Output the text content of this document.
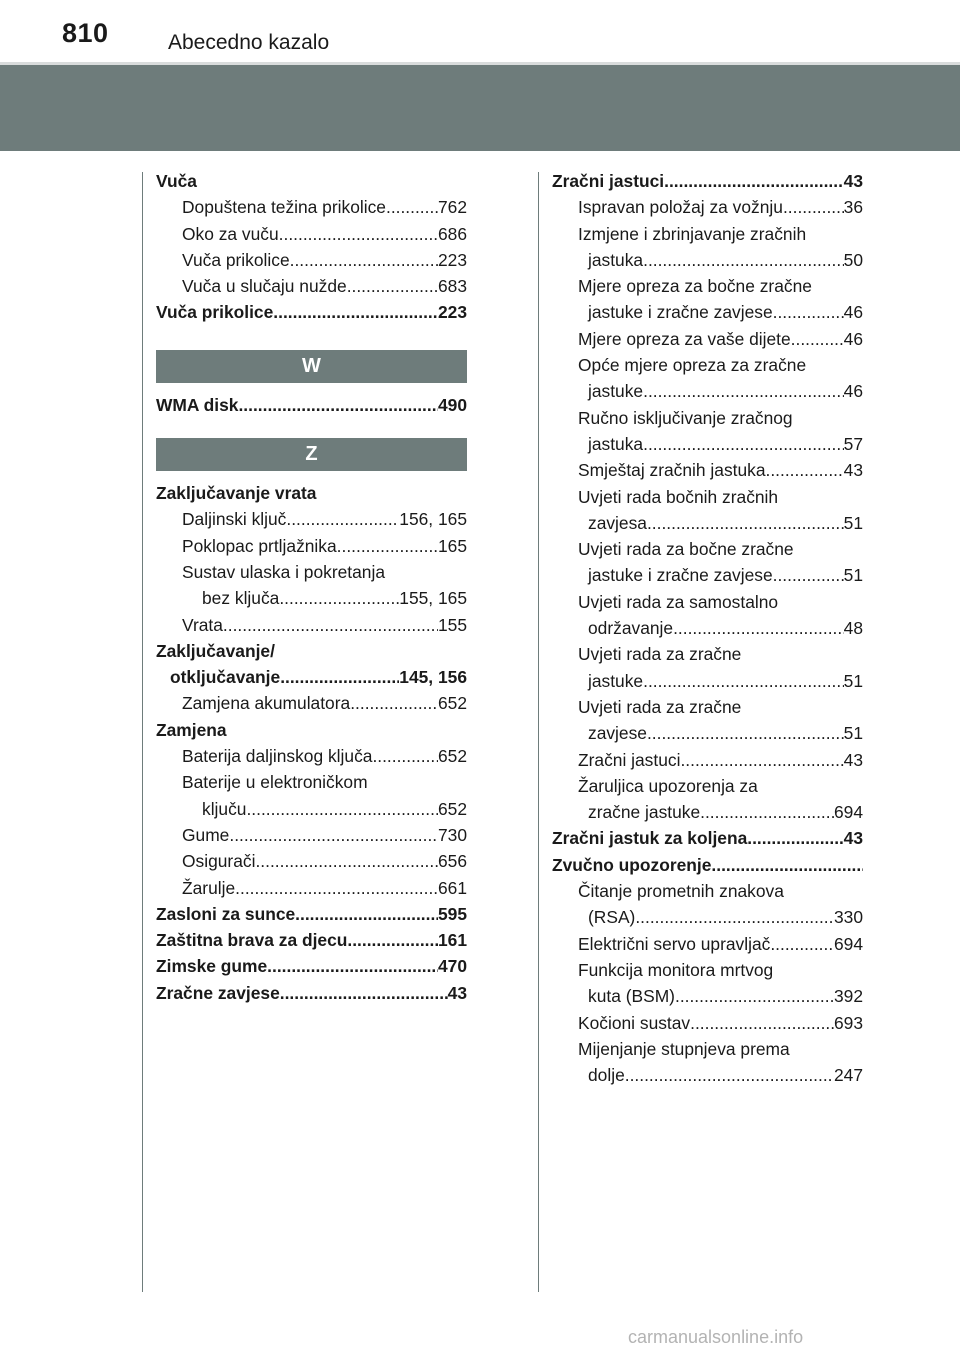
810	Abecedno kazalo
Vuča
Dopuštena težina prikolice .....	762
Oko za vuču .....	686
Vuča prikolice .....	223
Vuča u slučaju nužde .....	683
Vuča prikolice .....	223
W
WMA disk .....	490
Z
Zaključavanje vrata
Daljinski ključ .....	156, 165
Poklopac prtljažnika .....	165
Sustav ulaska i pokretanja
bez ključa .....	155, 165
Vrata .....	155
Zaključavanje/
otključavanje .....	145, 156
Zamjena akumulatora .....	652
Zamjena
Baterija daljinskog ključa .....	652
Baterije u elektroničkom
ključu .....	652
Gume .....	730
Osigurači .....	656
Žarulje .....	661
Zasloni za sunce .....	595
Zaštitna brava za djecu .....	161
Zimske gume .....	470
Zračne zavjese .....	43
Zračni jastuci .....	43
Ispravan položaj za vožnju .....	36
Izmjene i zbrinjavanje zračnih
jastuka .....	50
Mjere opreza za bočne zračne
jastuke i zračne zavjese .....	46
Mjere opreza za vaše dijete .....	46
Opće mjere opreza za zračne
jastuke .....	46
Ručno isključivanje zračnog
jastuka .....	57
Smještaj zračnih jastuka .....	43
Uvjeti rada bočnih zračnih
zavjesa .....	51
Uvjeti rada za bočne zračne
jastuke i zračne zavjese .....	51
Uvjeti rada za samostalno
održavanje .....	48
Uvjeti rada za zračne
jastuke .....	51
Uvjeti rada za zračne
zavjese .....	51
Zračni jastuci .....	43
Žaruljica upozorenja za
zračne jastuke .....	694
Zračni jastuk za koljena .....	43
Zvučno upozorenje
.....
Čitanje prometnih znakova
(RSA) .....	330
Električni servo upravljač .....	694
Funkcija monitora mrtvog
kuta (BSM) .....	392
Kočioni sustav .....	693
Mijenjanje stupnjeva prema
dolje .....	247
carmanualsonline.info
